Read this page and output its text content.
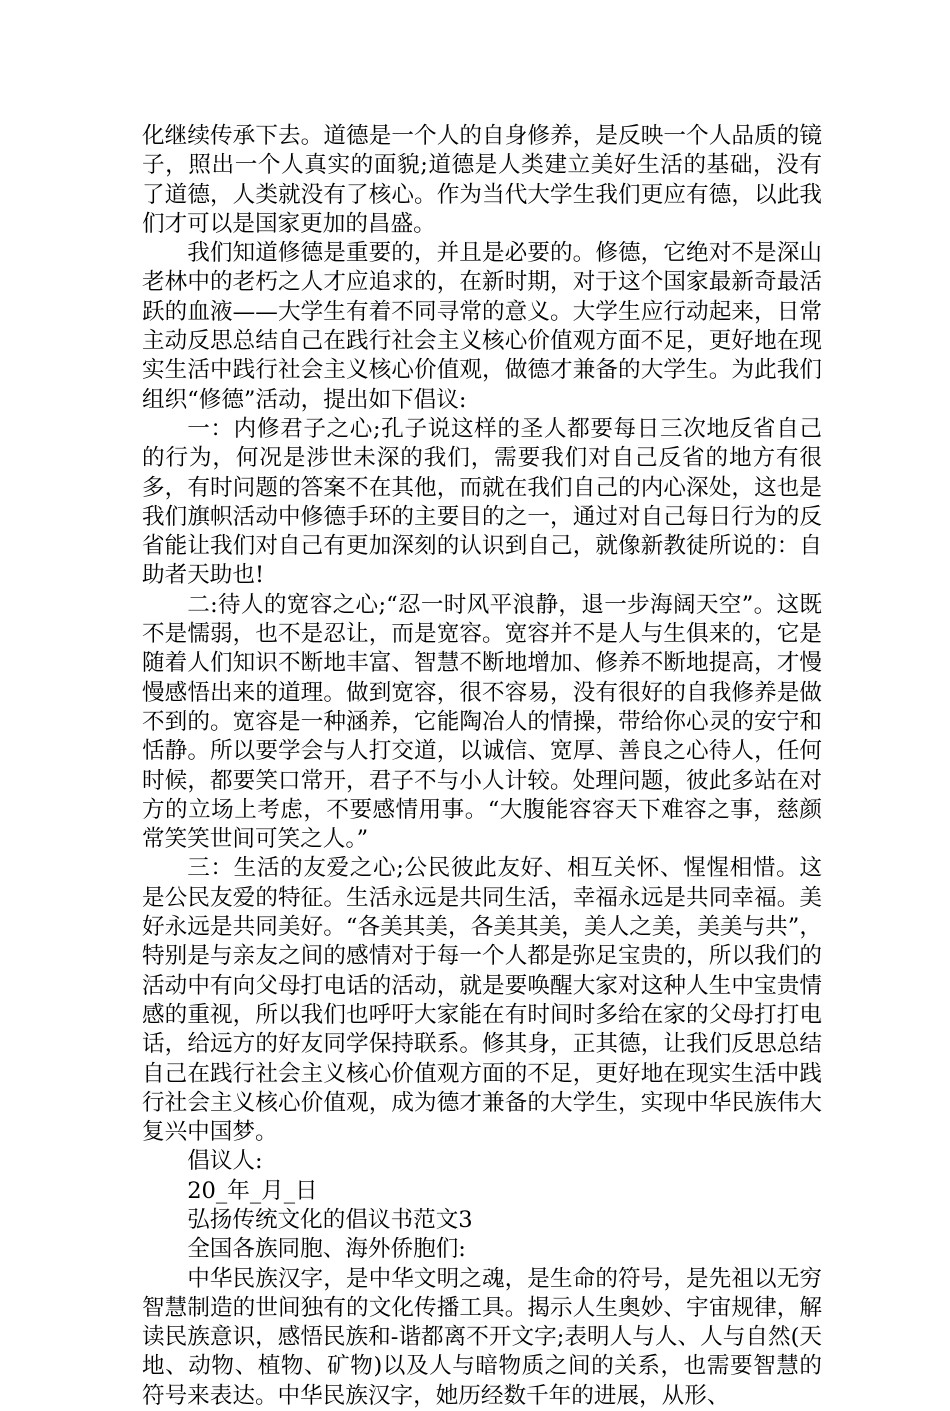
化继续传承下去。道德是一个人的自身修养，是反映一个人品质的镜子，照出一个人真实的面貌;道德是人类建立美好生活的基础，没有了道德，人类就没有了核心。作为当代大学生我们更应有德，以此我们才可以是国家更加的昌盛。

我们知道修德是重要的，并且是必要的。修德，它绝对不是深山老林中的老朽之人才应追求的，在新时期，对于这个国家最新奇最活跃的血液——大学生有着不同寻常的意义。大学生应行动起来，日常主动反思总结自己在践行社会主义核心价值观方面不足，更好地在现实生活中践行社会主义核心价值观，做德才兼备的大学生。为此我们组织“修德”活动，提出如下倡议:

一：内修君子之心;孔子说这样的圣人都要每日三次地反省自己的行为，何况是涉世未深的我们，需要我们对自己反省的地方有很多，有时问题的答案不在其他，而就在我们自己的内心深处，这也是我们旗帜活动中修德手环的主要目的之一，通过对自己每日行为的反省能让我们对自己有更加深刻的认识到自己，就像新教徒所说的：自助者天助也!

二:待人的宽容之心;“忍一时风平浪静，退一步海阔天空”。这既不是懦弱，也不是忍让，而是宽容。宽容并不是人与生俱来的，它是随着人们知识不断地丰富、智慧不断地增加、修养不断地提高，才慢慢感悟出来的道理。做到宽容，很不容易，没有很好的自我修养是做不到的。宽容是一种涵养，它能陶冶人的情操，带给你心灵的安宁和恬静。所以要学会与人打交道，以诚信、宽厚、善良之心待人，任何时候，都要笑口常开，君子不与小人计较。处理问题，彼此多站在对方的立场上考虑，不要感情用事。“大腹能容容天下难容之事，慈颜常笑笑世间可笑之人。”

三：生活的友爱之心;公民彼此友好、相互关怀、惺惺相惜。这是公民友爱的特征。生活永远是共同生活，幸福永远是共同幸福。美好永远是共同美好。“各美其美，各美其美，美人之美，美美与共”，特别是与亲友之间的感情对于每一个人都是弥足宝贵的，所以我们的活动中有向父母打电话的活动，就是要唤醒大家对这种人生中宝贵情感的重视，所以我们也呼吁大家能在有时间时多给在家的父母打打电话，给远方的好友同学保持联系。修其身，正其德，让我们反思总结自己在践行社会主义核心价值观方面的不足，更好地在现实生活中践行社会主义核心价值观，成为德才兼备的大学生，实现中华民族伟大复兴中国梦。

倡议人:

20_年_月_日

弘扬传统文化的倡议书范文3

全国各族同胞、海外侨胞们:

中华民族汉字，是中华文明之魂，是生命的符号，是先祖以无穷智慧制造的世间独有的文化传播工具。揭示人生奥妙、宇宙规律，解读民族意识，感悟民族和-谐都离不开文字;表明人与人、人与自然(天地、动物、植物、矿物)以及人与暗物质之间的关系，也需要智慧的符号来表达。中华民族汉字，她历经数千年的进展，从形、
